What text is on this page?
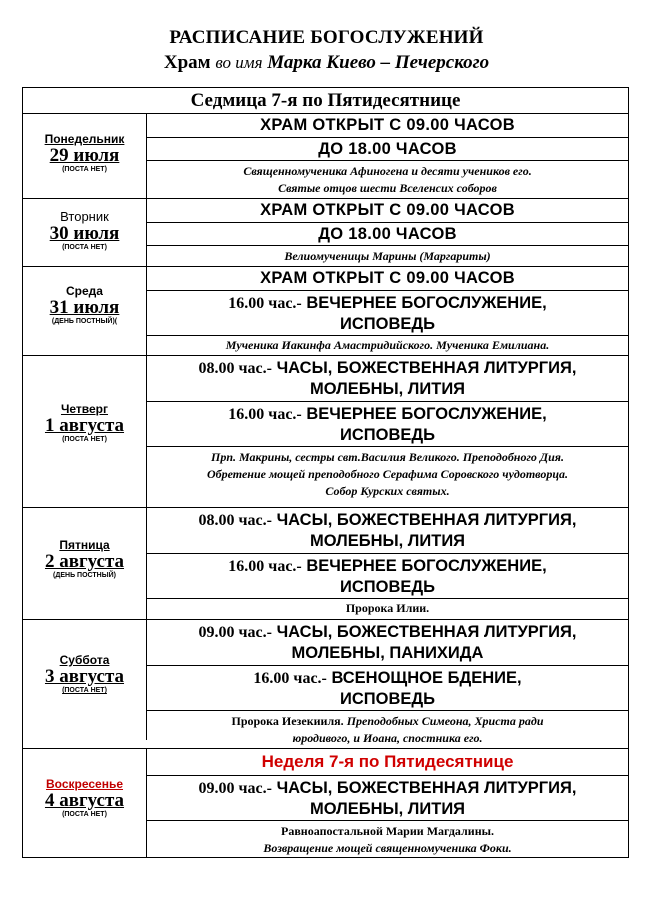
РАСПИСАНИЕ БОГОСЛУЖЕНИЙ
Храм во имя Марка Киево – Печерского
Седмица 7-я по Пятидесятнице
Понедельник
29 июля
(ПОСТА НЕТ)
ХРАМ ОТКРЫТ С 09.00 ЧАСОВ
ДО 18.00 ЧАСОВ
Священномученика Афиногена и десяти учеников его.
Святые отцов шести Вселенсих соборов
Вторник
30 июля
(ПОСТА НЕТ)
ХРАМ ОТКРЫТ С 09.00 ЧАСОВ
ДО 18.00 ЧАСОВ
Велиомученицы Марины (Маргариты)
Среда
31 июля
(ДЕНЬ ПОСТНЫЙ)(
ХРАМ ОТКРЫТ С 09.00 ЧАСОВ
16.00 час.- ВЕЧЕРНЕЕ БОГОСЛУЖЕНИЕ,
ИСПОВЕДЬ
Мученика Иакинфа Амастридийского. Мученика Емилиана.
Четверг
1 августа
(ПОСТА НЕТ)
08.00 час.- ЧАСЫ, БОЖЕСТВЕННАЯ ЛИТУРГИЯ,
МОЛЕБНЫ, ЛИТИЯ
16.00 час.- ВЕЧЕРНЕЕ БОГОСЛУЖЕНИЕ,
ИСПОВЕДЬ
Прп. Макрины, сестры свт.Василия Великого. Преподобного Дия.
Обретение мощей преподобного Серафима Соровского чудотворца.
Собор Курских святых.
Пятница
2 августа
(ДЕНЬ ПОСТНЫЙ)
08.00 час.- ЧАСЫ, БОЖЕСТВЕННАЯ ЛИТУРГИЯ,
МОЛЕБНЫ, ЛИТИЯ
16.00 час.- ВЕЧЕРНЕЕ БОГОСЛУЖЕНИЕ,
ИСПОВЕДЬ
Пророка Илии.
Суббота
3 августа
(ПОСТА НЕТ)
09.00 час.- ЧАСЫ, БОЖЕСТВЕННАЯ ЛИТУРГИЯ,
МОЛЕБНЫ, ПАНИХИДА
16.00 час.- ВСЕНОЩНОЕ БДЕНИЕ,
ИСПОВЕДЬ
Пророка Иезекииля. Преподобных Симеона, Христа ради
юродивого, и Иоана, спостника его.
Воскресенье
4 августа
(ПОСТА НЕТ)
Неделя 7-я по Пятидесятнице
09.00 час.- ЧАСЫ, БОЖЕСТВЕННАЯ ЛИТУРГИЯ,
МОЛЕБНЫ, ЛИТИЯ
Равноапостальной Марии Магдалины.
Возвращение мощей священномученика Фоки.
